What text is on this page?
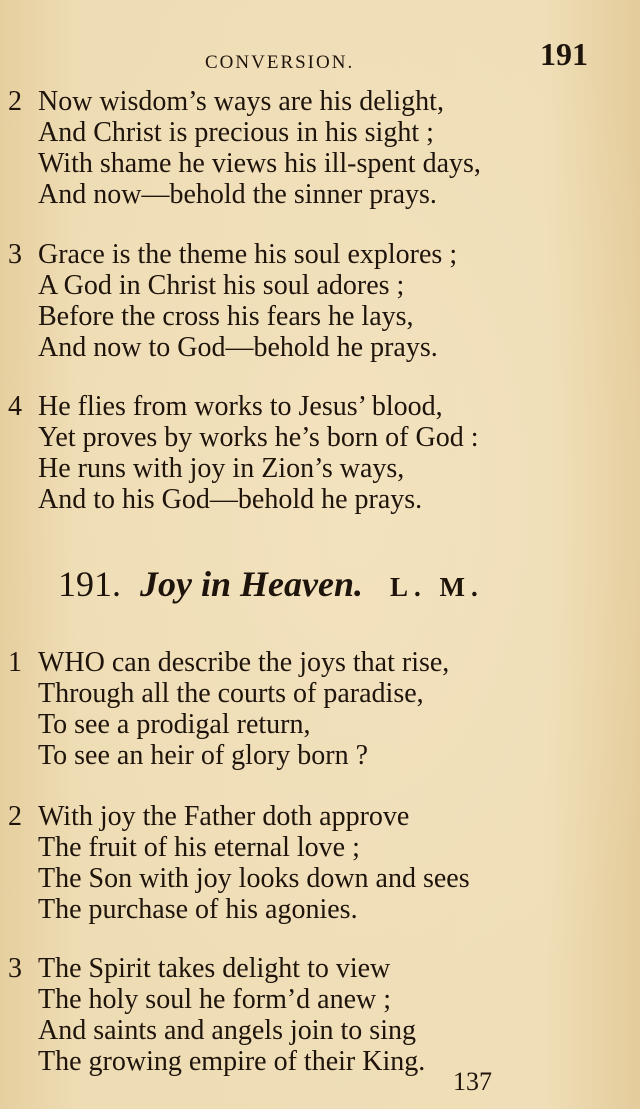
CONVERSION.	191
2 Now wisdom’s ways are his delight,
And Christ is precious in his sight ;
With shame he views his ill-spent days,
And now—behold the sinner prays.
3 Grace is the theme his soul explores ;
A God in Christ his soul adores ;
Before the cross his fears he lays,
And now to God—behold he prays.
4 He flies from works to Jesus’ blood,
Yet proves by works he’s born of God :
He runs with joy in Zion’s ways,
And to his God—behold he prays.
191. Joy in Heaven. L. M.
1 WHO can describe the joys that rise,
Through all the courts of paradise,
To see a prodigal return,
To see an heir of glory born ?
2 With joy the Father doth approve
The fruit of his eternal love ;
The Son with joy looks down and sees
The purchase of his agonies.
3 The Spirit takes delight to view
The holy soul he form’d anew ;
And saints and angels join to sing
The growing empire of their King.
137
